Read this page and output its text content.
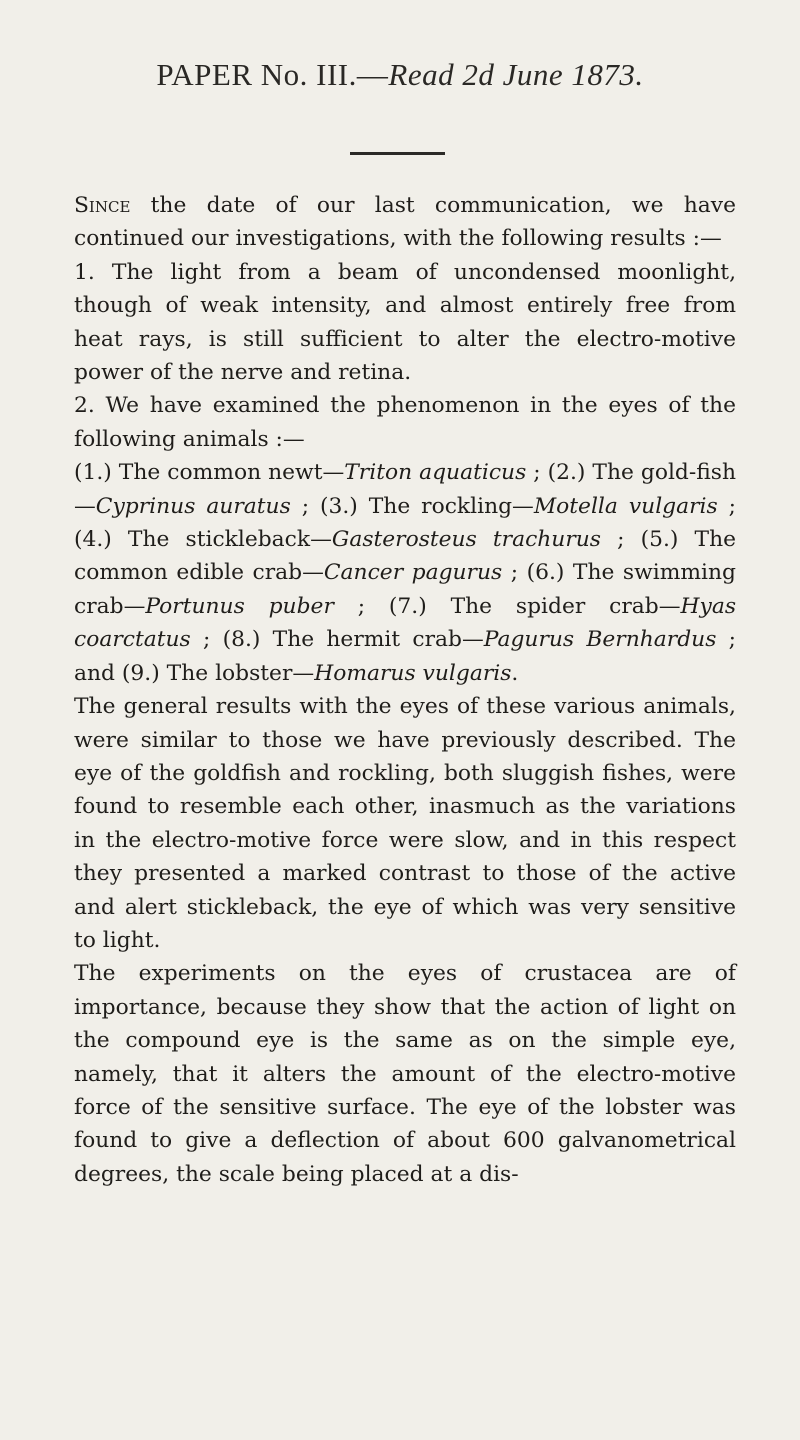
PAPER No. III.—Read 2d June 1873.

Since the date of our last communication, we have continued our investigations, with the following results :—

1. The light from a beam of uncondensed moonlight, though of weak intensity, and almost entirely free from heat rays, is still sufficient to alter the electro-motive power of the nerve and retina.

2. We have examined the phenomenon in the eyes of the following animals :—

(1.) The common newt—Triton aquaticus ; (2.) The gold-fish—Cyprinus auratus ; (3.) The rockling—Motella vulgaris ; (4.) The stickleback—Gasterosteus trachurus ; (5.) The common edible crab—Cancer pagurus ; (6.) The swimming crab—Portunus puber ; (7.) The spider crab—Hyas coarctatus ; (8.) The hermit crab—Pagurus Bernhardus ; and (9.) The lobster—Homarus vulgaris.

The general results with the eyes of these various animals, were similar to those we have previously described. The eye of the goldfish and rockling, both sluggish fishes, were found to resemble each other, inasmuch as the variations in the electro-motive force were slow, and in this respect they presented a marked contrast to those of the active and alert stickleback, the eye of which was very sensitive to light.

The experiments on the eyes of crustacea are of importance, because they show that the action of light on the compound eye is the same as on the simple eye, namely, that it alters the amount of the electro-motive force of the sensitive surface. The eye of the lobster was found to give a deflection of about 600 galvanometrical degrees, the scale being placed at a dis-
